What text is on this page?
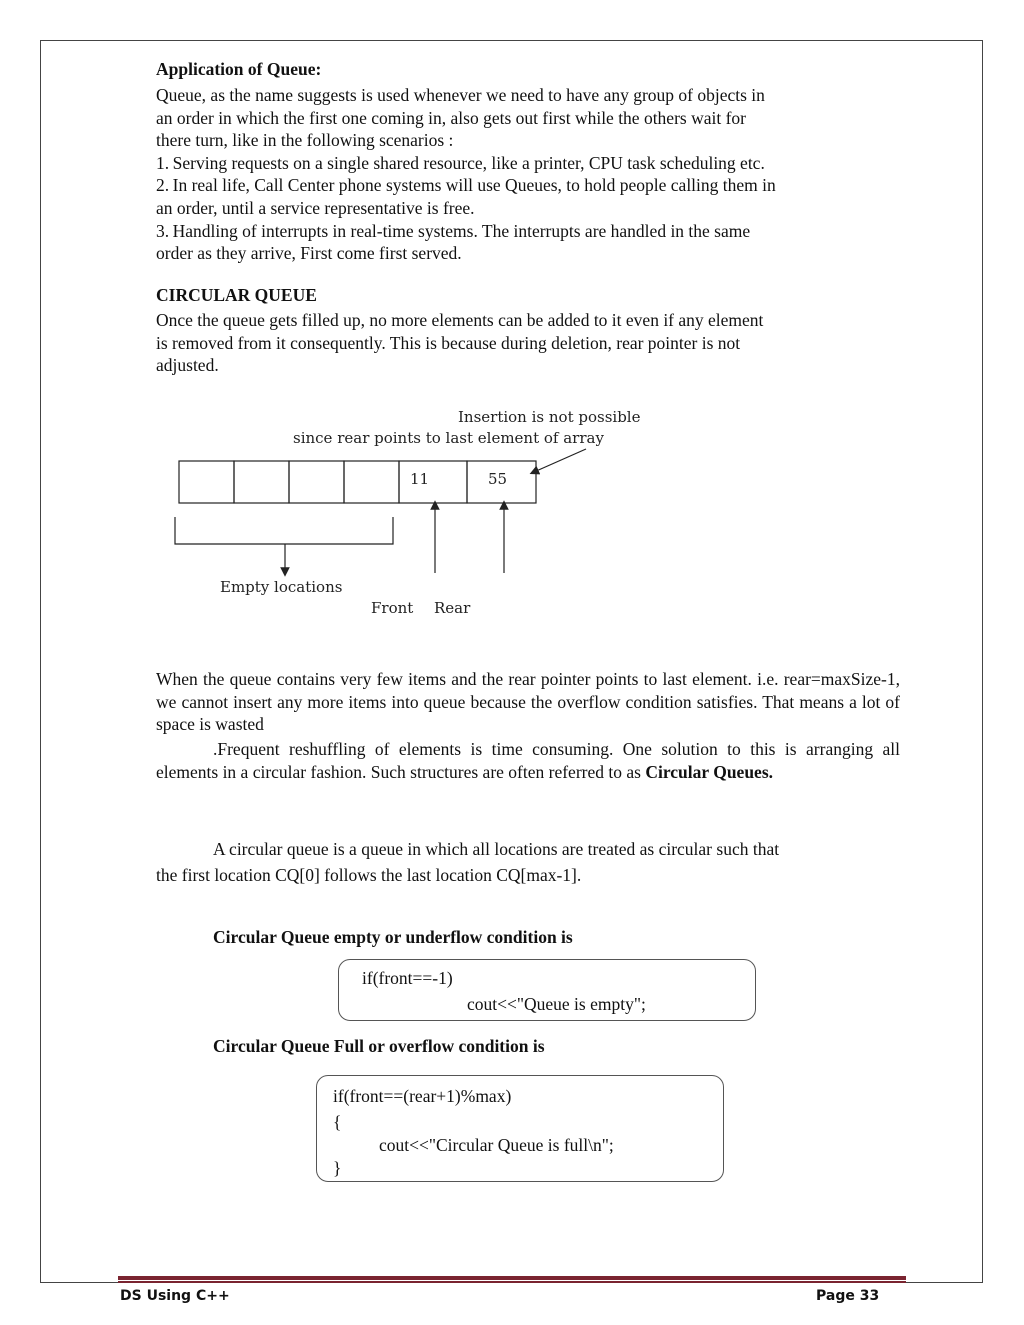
Application of Queue:
Queue, as the name suggests is used whenever we need to have any group of objects in
an order in which the first one coming in, also gets out first while the others wait for
there turn, like in the following scenarios :
1. Serving requests on a single shared resource, like a printer, CPU task scheduling etc.
2. In real life, Call Center phone systems will use Queues, to hold people calling them in
an order, until a service representative is free.
3. Handling of interrupts in real-time systems. The interrupts are handled in the same
order as they arrive, First come first served.
CIRCULAR QUEUE
Once the queue gets filled up, no more elements can be added to it even if any element
is removed from it consequently. This is because during deletion, rear pointer is not
adjusted.
Insertion is not possible
since rear points to last element of array
11	55
Empty locations
Front Rear
When the queue contains very few items and the rear pointer points to last element. i.e. rear=maxSize-1, we cannot insert any more items into queue because the overflow condition satisfies. That means a lot of space is wasted
.Frequent reshuffling of elements is time consuming. One solution to this is arranging all elements in a circular fashion. Such structures are often referred to as Circular Queues.
A circular queue is a queue in which all locations are treated as circular such that
the first location CQ[0] follows the last location CQ[max-1].
Circular Queue empty or underflow condition is
if(front==-1)
cout<<"Queue is empty";
Circular Queue Full or overflow condition is
if(front==(rear+1)%max)
{
cout<<"Circular Queue is full\n";
}
DS Using C++	Page 33
